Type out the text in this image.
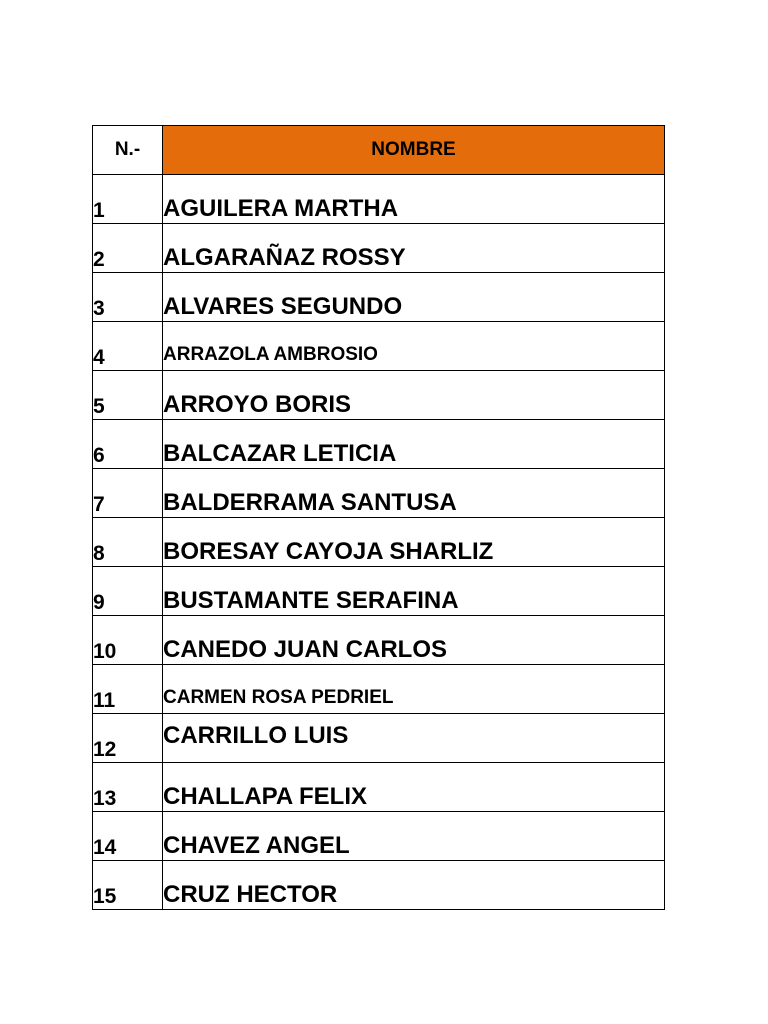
N.-	NOMBRE
1	AGUILERA MARTHA
2	ALGARAÑAZ ROSSY
3	ALVARES SEGUNDO
4	ARRAZOLA AMBROSIO
5	ARROYO BORIS
6	BALCAZAR LETICIA
7	BALDERRAMA SANTUSA
8	BORESAY CAYOJA SHARLIZ
9	BUSTAMANTE SERAFINA
10	CANEDO JUAN CARLOS
11	CARMEN ROSA PEDRIEL
12	CARRILLO LUIS
13	CHALLAPA FELIX
14	CHAVEZ ANGEL
15	CRUZ HECTOR
